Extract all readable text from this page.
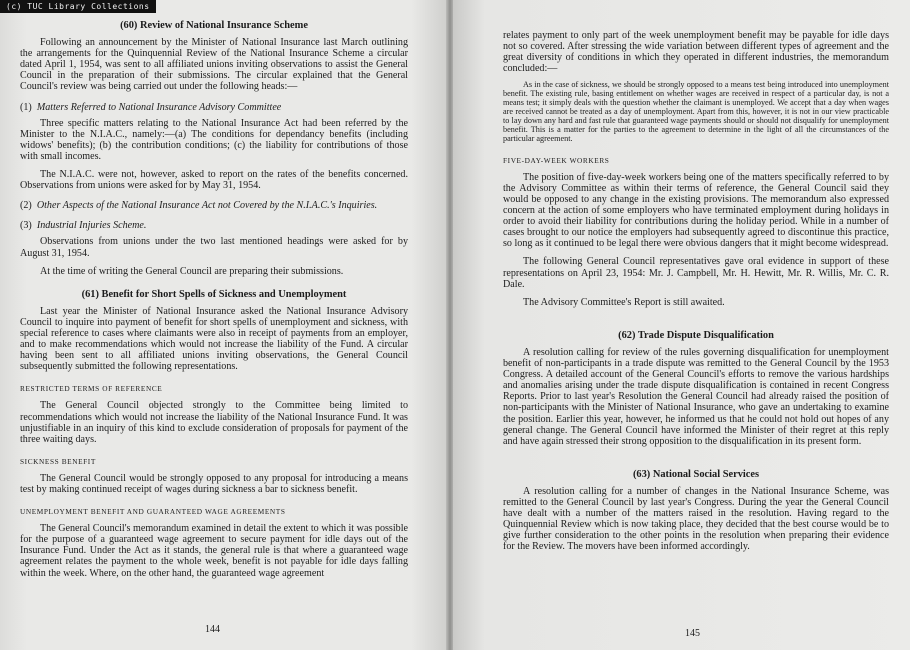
(c) TUC Library Collections
(60) Review of National Insurance Scheme

Following an announcement by the Minister of National Insurance last March outlining the arrangements for the Quinquennial Review of the National Insurance Scheme a circular dated April 1, 1954, was sent to all affiliated unions inviting observations to assist the General Council in the preparation of their submissions. The circular explained that the General Council's review was being carried out under the following heads:—

(1) Matters Referred to National Insurance Advisory Committee

Three specific matters relating to the National Insurance Act had been referred by the Minister to the N.I.A.C., namely:—(a) The conditions for dependancy benefits (including widows' benefits); (b) the contribution conditions; (c) the liability for contributions of those with small incomes.

The N.I.A.C. were not, however, asked to report on the rates of the benefits concerned. Observations from unions were asked for by May 31, 1954.

(2) Other Aspects of the National Insurance Act not Covered by the N.I.A.C.'s Inquiries.
(3) Industrial Injuries Scheme.

Observations from unions under the two last mentioned headings were asked for by August 31, 1954.

At the time of writing the General Council are preparing their submissions.

(61) Benefit for Short Spells of Sickness and Unemployment

Last year the Minister of National Insurance asked the National Insurance Advisory Council to inquire into payment of benefit for short spells of unemployment and sickness, with special reference to cases where claimants were also in receipt of payments from an employer, and to make recommendations which would not increase the liability of the Fund. A circular having been sent to all affiliated unions inviting observations, the General Council subsequently submitted the following representations.

RESTRICTED TERMS OF REFERENCE

The General Council objected strongly to the Committee being limited to recommendations which would not increase the liability of the National Insurance Fund. It was unjustifiable in an inquiry of this kind to exclude consideration of proposals for payment of the three waiting days.

SICKNESS BENEFIT

The General Council would be strongly opposed to any proposal for introducing a means test by making continued receipt of wages during sickness a bar to sickness benefit.

UNEMPLOYMENT BENEFIT AND GUARANTEED WAGE AGREEMENTS

The General Council's memorandum examined in detail the extent to which it was possible for the purpose of a guaranteed wage agreement to secure payment for idle days out of the Insurance Fund. Under the Act as it stands, the general rule is that where a guaranteed wage agreement relates the payment to the whole week, benefit is not payable for idle days falling within the week. Where, on the other hand, the guaranteed wage agreement

144

relates payment to only part of the week unemployment benefit may be payable for idle days not so covered. After stressing the wide variation between different types of agreement and the great diversity of conditions in which they operated in different industries, the memorandum concluded:—

As in the case of sickness, we should be strongly opposed to a means test being introduced into unemployment benefit. The existing rule, basing entitlement on whether wages are received in respect of a particular day, is not a means test; it simply deals with the question whether the claimant is unemployed. We accept that a day when wages are received cannot be treated as a day of unemployment. Apart from this, however, it is not in our view practicable to lay down any hard and fast rule that guaranteed wage payments should or should not disqualify for unemployment benefit. This is a matter for the parties to the agreement to determine in the light of all the circumstances of the particular agreement.

FIVE-DAY-WEEK WORKERS

The position of five-day-week workers being one of the matters specifically referred to by the Advisory Committee as within their terms of reference, the General Council said they would be opposed to any change in the existing provisions. The memorandum also expressed concern at the action of some employers who have terminated employment during holidays in order to avoid their liability for contributions during the holiday period. While in a number of cases brought to our notice the employers had subsequently agreed to discontinue this practice, so long as it continued to be legal there were obvious dangers that it might become widespread.

The following General Council representatives gave oral evidence in support of these representations on April 23, 1954: Mr. J. Campbell, Mr. H. Hewitt, Mr. R. Willis, Mr. C. R. Dale.

The Advisory Committee's Report is still awaited.

(62) Trade Dispute Disqualification

A resolution calling for review of the rules governing disqualification for unemployment benefit of non-participants in a trade dispute was remitted to the General Council by the 1953 Congress. A detailed account of the General Council's efforts to remove the various hardships and anomalies arising under the trade dispute disqualification is contained in recent Congress Reports. Prior to last year's Resolution the General Council had already raised the position of non-participants with the Minister of National Insurance, who gave an undertaking to examine the position. Earlier this year, however, he informed us that he could not hold out hopes of any general change. The General Council have informed the Minister of their regret at this reply and have again stressed their strong opposition to the disqualification in its present form.

(63) National Social Services

A resolution calling for a number of changes in the National Insurance Scheme, was remitted to the General Council by last year's Congress. During the year the General Council have dealt with a number of the matters raised in the resolution. Having regard to the Quinquennial Review which is now taking place, they decided that the best course would be to give further consideration to the other points in the resolution when preparing their evidence for the Review. The movers have been informed accordingly.

145
